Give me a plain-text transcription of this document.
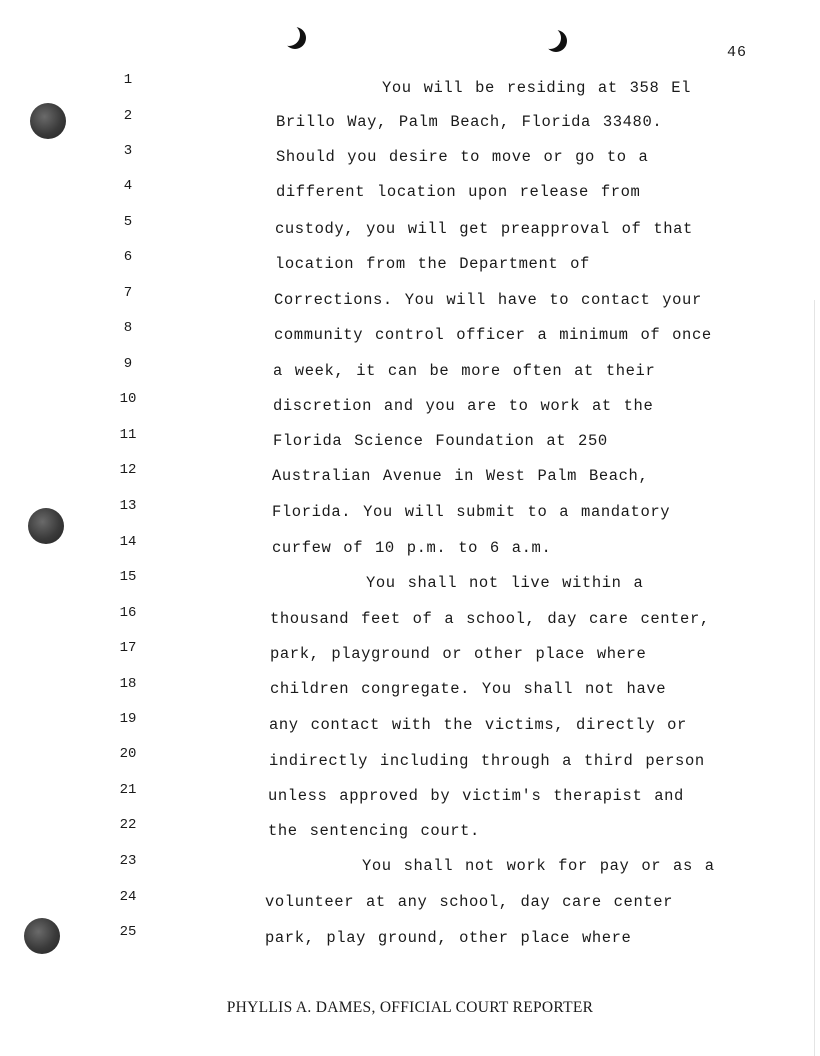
46
1
2
3
4
5
6
7
8
9
10
11
12
13
14
15
16
17
18
19
20
21
22
23
24
25
You will be residing at 358 El
Brillo Way, Palm Beach, Florida 33480.
Should you desire to move or go to a
different location upon release from
custody, you will get preapproval of that
location from the Department of
Corrections. You will have to contact your
community control officer a minimum of once
a week, it can be more often at their
discretion and you are to work at the
Florida Science Foundation at 250
Australian Avenue in West Palm Beach,
Florida. You will submit to a mandatory
curfew of 10 p.m. to 6 a.m.
You shall not live within a
thousand feet of a school, day care center,
park, playground or other place where
children congregate. You shall not have
any contact with the victims, directly or
indirectly including through a third person
unless approved by victim's therapist and
the sentencing court.
You shall not work for pay or as a
volunteer at any school, day care center
park, play ground, other place where
PHYLLIS A. DAMES, OFFICIAL COURT REPORTER
